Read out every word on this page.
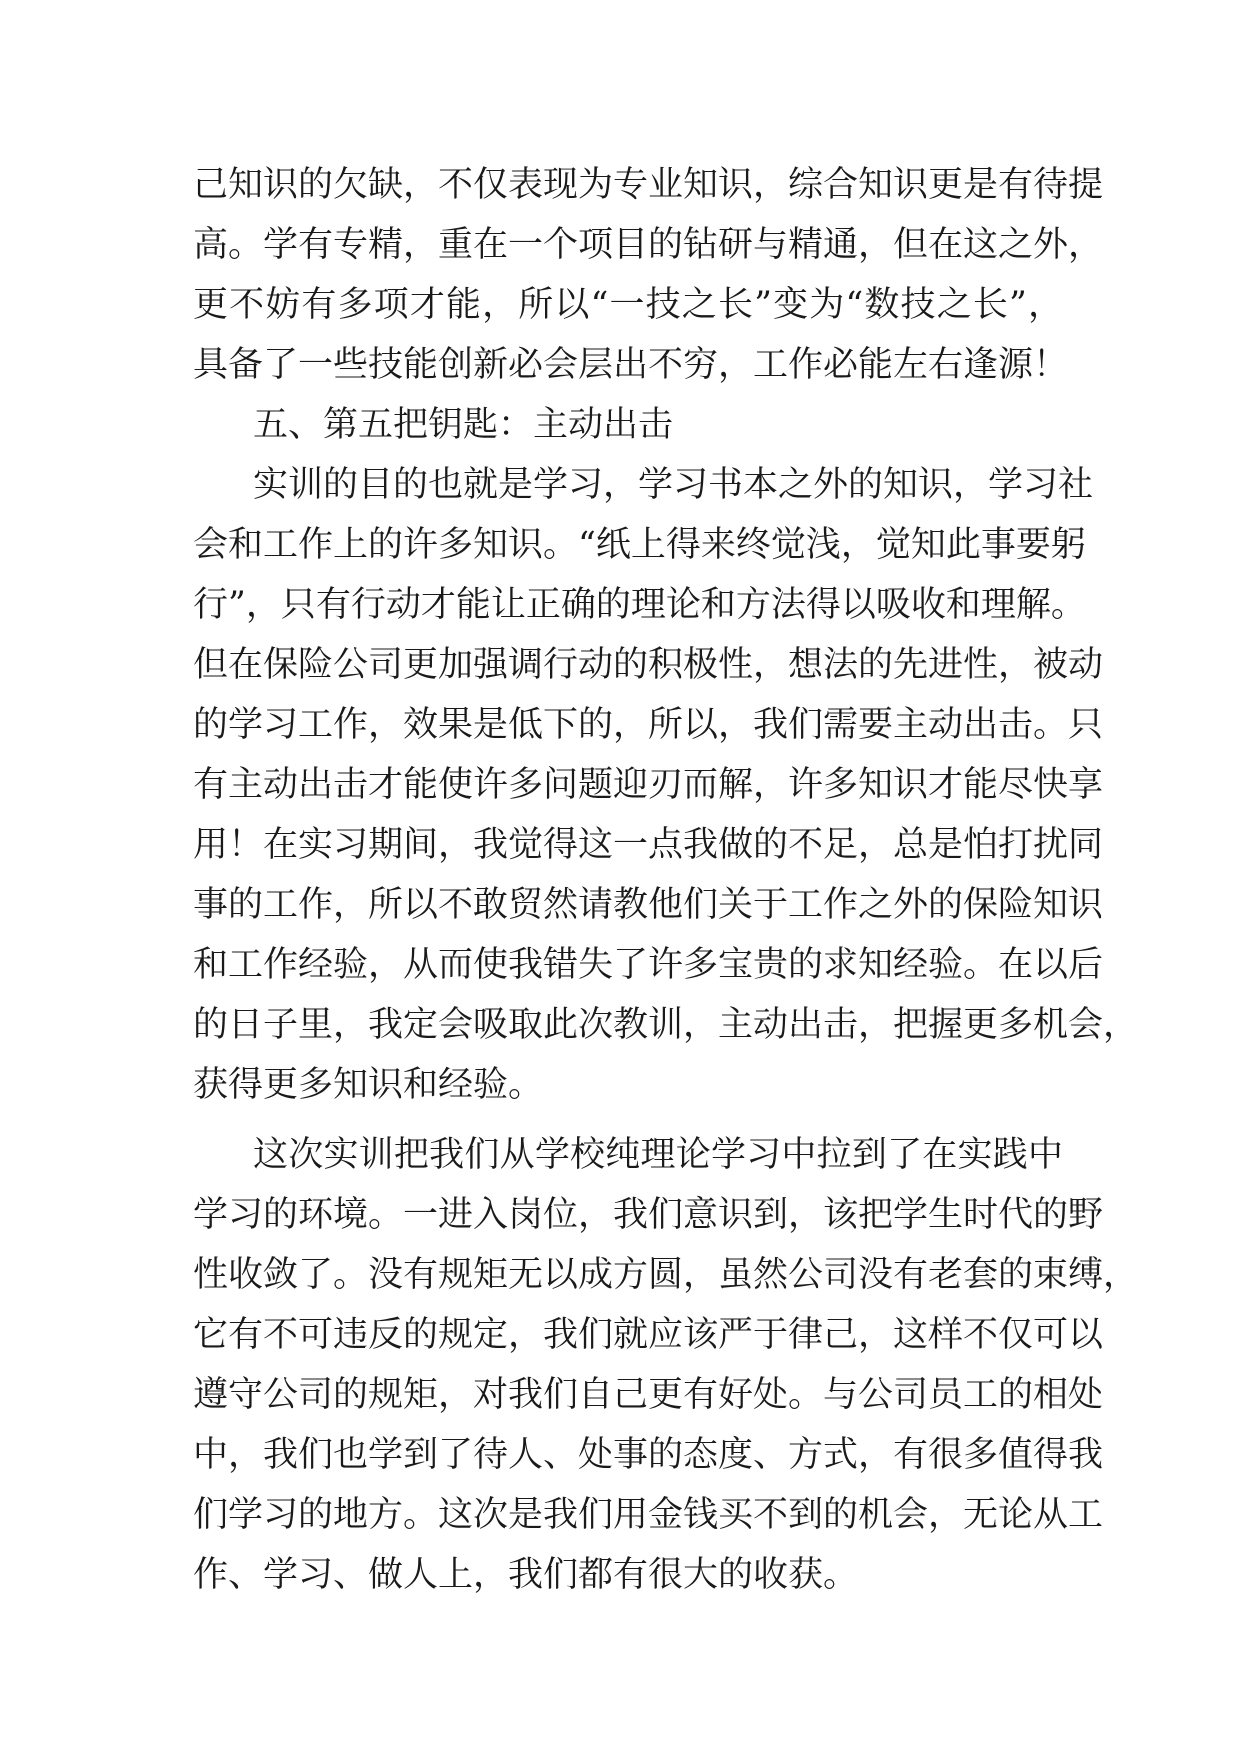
己知识的欠缺，不仅表现为专业知识，综合知识更是有待提
高。学有专精，重在一个项目的钻研与精通，但在这之外，
更不妨有多项才能，所以“一技之长”变为“数技之长”，
具备了一些技能创新必会层出不穷，工作必能左右逢源！
五、第五把钥匙：主动出击
实训的目的也就是学习，学习书本之外的知识，学习社
会和工作上的许多知识。“纸上得来终觉浅，觉知此事要躬
行”，只有行动才能让正确的理论和方法得以吸收和理解。
但在保险公司更加强调行动的积极性，想法的先进性，被动
的学习工作，效果是低下的，所以，我们需要主动出击。只
有主动出击才能使许多问题迎刃而解，许多知识才能尽快享
用！在实习期间，我觉得这一点我做的不足，总是怕打扰同
事的工作，所以不敢贸然请教他们关于工作之外的保险知识
和工作经验，从而使我错失了许多宝贵的求知经验。在以后
的日子里，我定会吸取此次教训，主动出击，把握更多机会，
获得更多知识和经验。
这次实训把我们从学校纯理论学习中拉到了在实践中
学习的环境。一进入岗位，我们意识到，该把学生时代的野
性收敛了。没有规矩无以成方圆，虽然公司没有老套的束缚，
它有不可违反的规定，我们就应该严于律己，这样不仅可以
遵守公司的规矩，对我们自己更有好处。与公司员工的相处
中，我们也学到了待人、处事的态度、方式，有很多值得我
们学习的地方。这次是我们用金钱买不到的机会，无论从工
作、学习、做人上，我们都有很大的收获。
